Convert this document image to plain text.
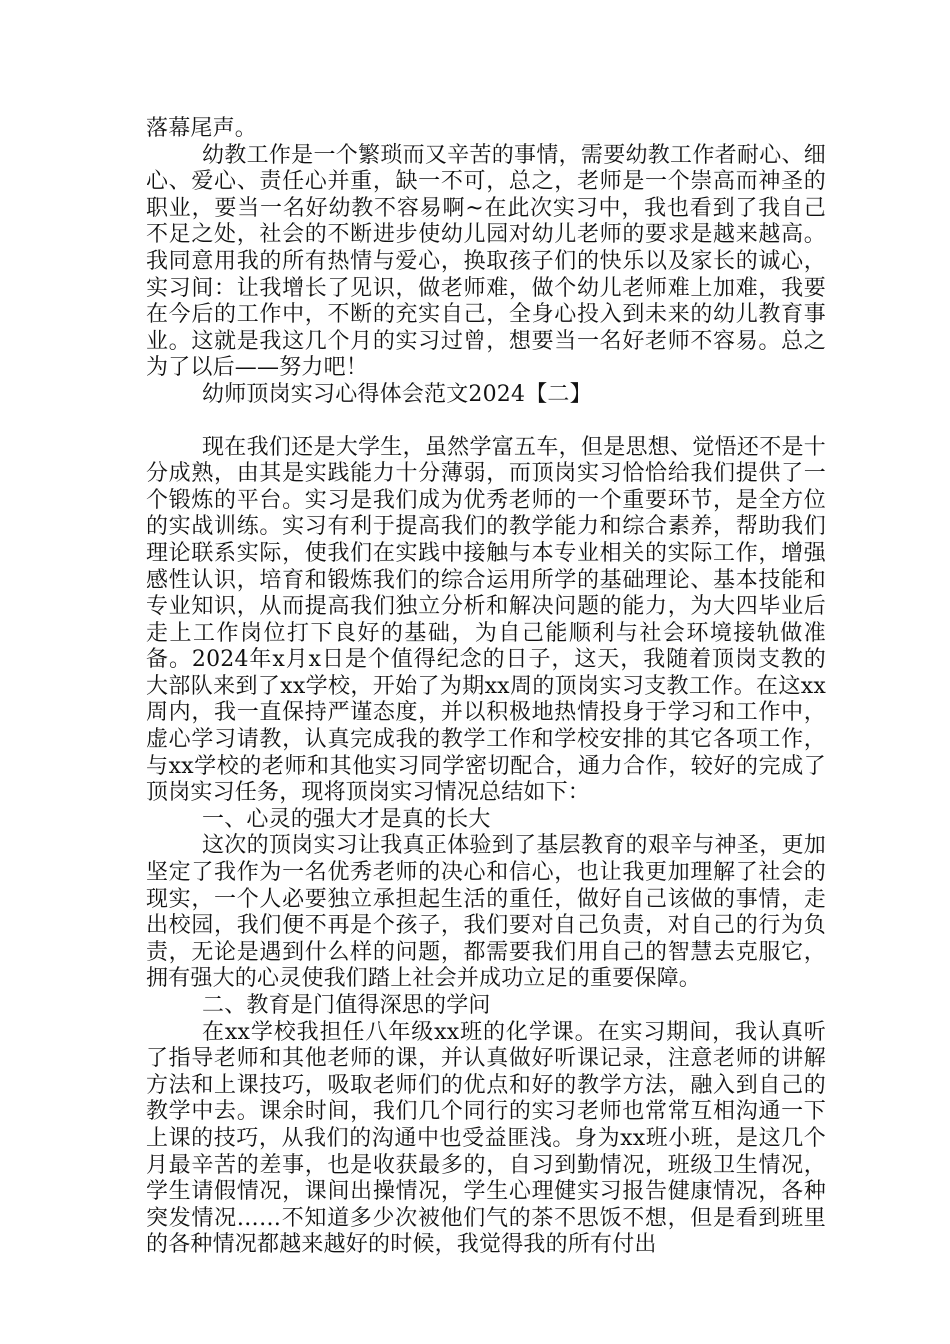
落幕尾声。

幼教工作是一个繁琐而又辛苦的事情，需要幼教工作者耐心、细心、爱心、责任心并重，缺一不可，总之，老师是一个崇高而神圣的职业，要当一名好幼教不容易啊~在此次实习中，我也看到了我自己不足之处，社会的不断进步使幼儿园对幼儿老师的要求是越来越高。我同意用我的所有热情与爱心，换取孩子们的快乐以及家长的诚心，实习间：让我增长了见识，做老师难，做个幼儿老师难上加难，我要在今后的工作中，不断的充实自己，全身心投入到未来的幼儿教育事业。这就是我这几个月的实习过曾，想要当一名好老师不容易。总之为了以后——努力吧！

幼师顶岗实习心得体会范文2024【二】

现在我们还是大学生，虽然学富五车，但是思想、觉悟还不是十分成熟，由其是实践能力十分薄弱，而顶岗实习恰恰给我们提供了一个锻炼的平台。实习是我们成为优秀老师的一个重要环节，是全方位的实战训练。实习有利于提高我们的教学能力和综合素养，帮助我们理论联系实际，使我们在实践中接触与本专业相关的实际工作，增强感性认识，培育和锻炼我们的综合运用所学的基础理论、基本技能和专业知识，从而提高我们独立分析和解决问题的能力，为大四毕业后走上工作岗位打下良好的基础，为自己能顺利与社会环境接轨做准备。2024年x月x日是个值得纪念的日子，这天，我随着顶岗支教的大部队来到了xx学校，开始了为期xx周的顶岗实习支教工作。在这xx周内，我一直保持严谨态度，并以积极地热情投身于学习和工作中，虚心学习请教，认真完成我的教学工作和学校安排的其它各项工作，与xx学校的老师和其他实习同学密切配合，通力合作，较好的完成了顶岗实习任务，现将顶岗实习情况总结如下：

一、心灵的强大才是真的长大

这次的顶岗实习让我真正体验到了基层教育的艰辛与神圣，更加坚定了我作为一名优秀老师的决心和信心，也让我更加理解了社会的现实，一个人必要独立承担起生活的重任，做好自己该做的事情，走出校园，我们便不再是个孩子，我们要对自己负责，对自己的行为负责，无论是遇到什么样的问题，都需要我们用自己的智慧去克服它，拥有强大的心灵使我们踏上社会并成功立足的重要保障。

二、教育是门值得深思的学问

在xx学校我担任八年级xx班的化学课。在实习期间，我认真听了指导老师和其他老师的课，并认真做好听课记录，注意老师的讲解方法和上课技巧，吸取老师们的优点和好的教学方法，融入到自己的教学中去。课余时间，我们几个同行的实习老师也常常互相沟通一下上课的技巧，从我们的沟通中也受益匪浅。身为xx班小班，是这几个月最辛苦的差事，也是收获最多的，自习到勤情况，班级卫生情况，学生请假情况，课间出操情况，学生心理健实习报告健康情况，各种突发情况……不知道多少次被他们气的茶不思饭不想，但是看到班里的各种情况都越来越好的时候，我觉得我的所有付出
